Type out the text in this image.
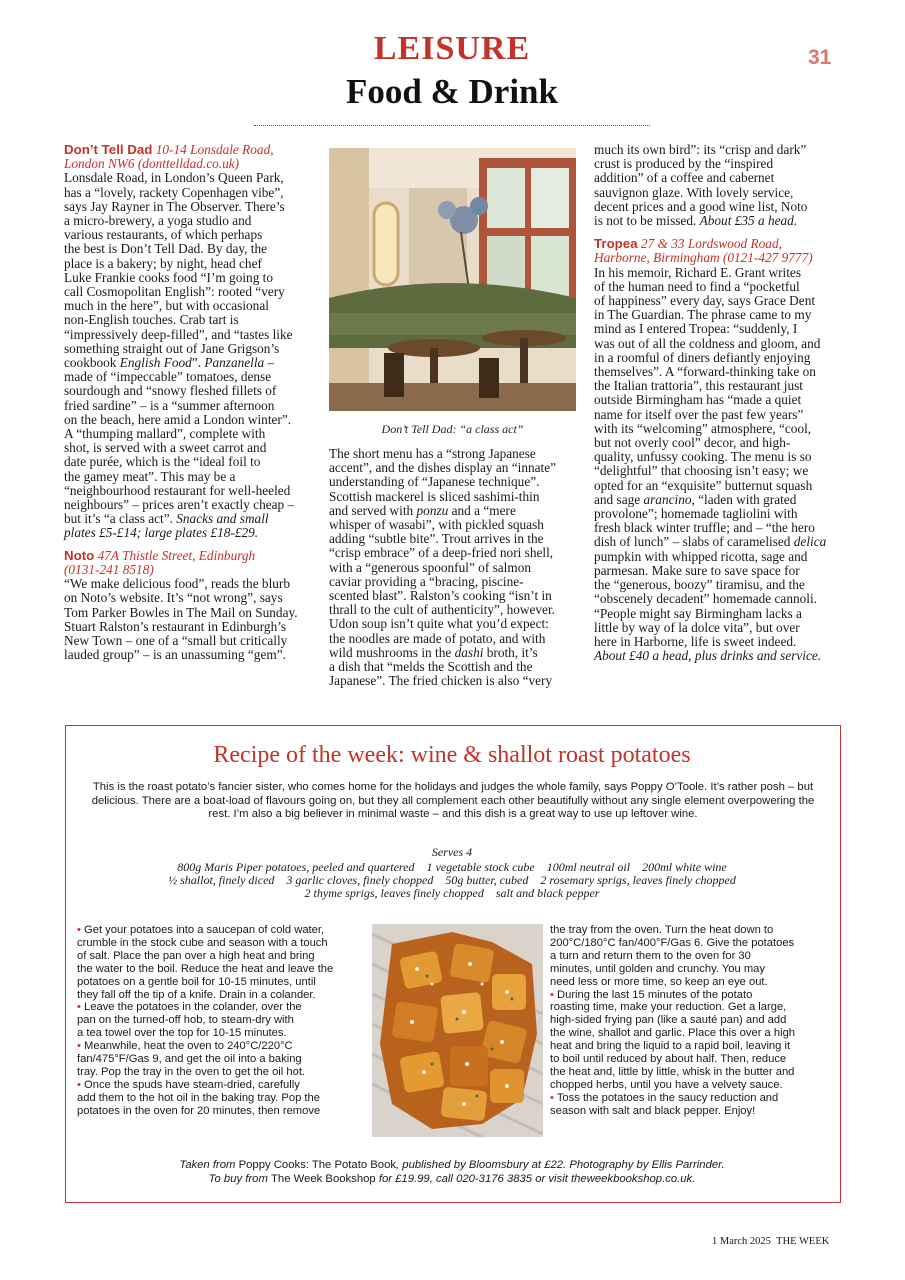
LEISURE
Food & Drink
31
Don’t Tell Dad 10-14 Lonsdale Road,
London NW6 (donttelldad.co.uk)
Lonsdale Road, in London’s Queen Park,
has a “lovely, rackety Copenhagen vibe”,
says Jay Rayner in The Observer. There’s
a micro-brewery, a yoga studio and
various restaurants, of which perhaps
the best is Don’t Tell Dad. By day, the
place is a bakery; by night, head chef
Luke Frankie cooks food “I’m going to
call Cosmopolitan English”: rooted “very
much in the here”, but with occasional
non-English touches. Crab tart is
“impressively deep-filled”, and “tastes like
something straight out of Jane Grigson’s
cookbook English Food”. Panzanella –
made of “impeccable” tomatoes, dense
sourdough and “snowy fleshed fillets of
fried sardine” – is a “summer afternoon
on the beach, here amid a London winter”.
A “thumping mallard”, complete with
shot, is served with a sweet carrot and
date purée, which is the “ideal foil to
the gamey meat”. This may be a
“neighbourhood restaurant for well-heeled
neighbours” – prices aren’t exactly cheap –
but it’s “a class act”. Snacks and small
plates £5-£14; large plates £18-£29.

Noto 47A Thistle Street, Edinburgh
(0131-241 8518)
“We make delicious food”, reads the blurb
on Noto’s website. It’s “not wrong”, says
Tom Parker Bowles in The Mail on Sunday.
Stuart Ralston’s restaurant in Edinburgh’s
New Town – one of a “small but critically
lauded group” – is an unassuming “gem”.
Don’t Tell Dad: “a class act”
The short menu has a “strong Japanese
accent”, and the dishes display an “innate”
understanding of “Japanese technique”.
Scottish mackerel is sliced sashimi-thin
and served with ponzu and a “mere
whisper of wasabi”, with pickled squash
adding “subtle bite”. Trout arrives in the
“crisp embrace” of a deep-fried nori shell,
with a “generous spoonful” of salmon
caviar providing a “bracing, piscine-
scented blast”. Ralston’s cooking “isn’t in
thrall to the cult of authenticity”, however.
Udon soup isn’t quite what you’d expect:
the noodles are made of potato, and with
wild mushrooms in the dashi broth, it’s
a dish that “melds the Scottish and the
Japanese”. The fried chicken is also “very
much its own bird”: its “crisp and dark”
crust is produced by the “inspired
addition” of a coffee and cabernet
sauvignon glaze. With lovely service,
decent prices and a good wine list, Noto
is not to be missed. About £35 a head.

Tropea 27 & 33 Lordswood Road,
Harborne, Birmingham (0121-427 9777)
In his memoir, Richard E. Grant writes
of the human need to find a “pocketful
of happiness” every day, says Grace Dent
in The Guardian. The phrase came to my
mind as I entered Tropea: “suddenly, I
was out of all the coldness and gloom, and
in a roomful of diners defiantly enjoying
themselves”. A “forward-thinking take on
the Italian trattoria”, this restaurant just
outside Birmingham has “made a quiet
name for itself over the past few years”
with its “welcoming” atmosphere, “cool,
but not overly cool” decor, and high-
quality, unfussy cooking. The menu is so
“delightful” that choosing isn’t easy; we
opted for an “exquisite” butternut squash
and sage arancino, “laden with grated
provolone”; homemade tagliolini with
fresh black winter truffle; and – “the hero
dish of lunch” – slabs of caramelised delica
pumpkin with whipped ricotta, sage and
parmesan. Make sure to save space for
the “generous, boozy” tiramisu, and the
“obscenely decadent” homemade cannoli.
“People might say Birmingham lacks a
little by way of la dolce vita”, but over
here in Harborne, life is sweet indeed.
About £40 a head, plus drinks and service.
Recipe of the week: wine & shallot roast potatoes
This is the roast potato’s fancier sister, who comes home for the holidays and judges the whole family, says Poppy O’Toole. It’s rather posh – but delicious. There are a boat-load of flavours going on, but they all complement each other beautifully without any single element overpowering the rest. I’m also a big believer in minimal waste – and this dish is a great way to use up leftover wine.
Serves 4
800g Maris Piper potatoes, peeled and quartered    1 vegetable stock cube    100ml neutral oil    200ml white wine
½ shallot, finely diced    3 garlic cloves, finely chopped    50g butter, cubed    2 rosemary sprigs, leaves finely chopped
2 thyme sprigs, leaves finely chopped    salt and black pepper
• Get your potatoes into a saucepan of cold water,
crumble in the stock cube and season with a touch
of salt. Place the pan over a high heat and bring
the water to the boil. Reduce the heat and leave the
potatoes on a gentle boil for 10-15 minutes, until
they fall off the tip of a knife. Drain in a colander.
• Leave the potatoes in the colander, over the
pan on the turned-off hob, to steam-dry with
a tea towel over the top for 10-15 minutes.
• Meanwhile, heat the oven to 240°C/220°C
fan/475°F/Gas 9, and get the oil into a baking
tray. Pop the tray in the oven to get the oil hot.
• Once the spuds have steam-dried, carefully
add them to the hot oil in the baking tray. Pop the
potatoes in the oven for 20 minutes, then remove
the tray from the oven. Turn the heat down to
200°C/180°C fan/400°F/Gas 6. Give the potatoes
a turn and return them to the oven for 30
minutes, until golden and crunchy. You may
need less or more time, so keep an eye out.
• During the last 15 minutes of the potato
roasting time, make your reduction. Get a large,
high-sided frying pan (like a sauté pan) and add
the wine, shallot and garlic. Place this over a high
heat and bring the liquid to a rapid boil, leaving it
to boil until reduced by about half. Then, reduce
the heat and, little by little, whisk in the butter and
chopped herbs, until you have a velvety sauce.
• Toss the potatoes in the saucy reduction and
season with salt and black pepper. Enjoy!
Taken from Poppy Cooks: The Potato Book, published by Bloomsbury at £22. Photography by Ellis Parrinder.
To buy from The Week Bookshop for £19.99, call 020-3176 3835 or visit theweekbookshop.co.uk.
1 March 2025 THE WEEK
